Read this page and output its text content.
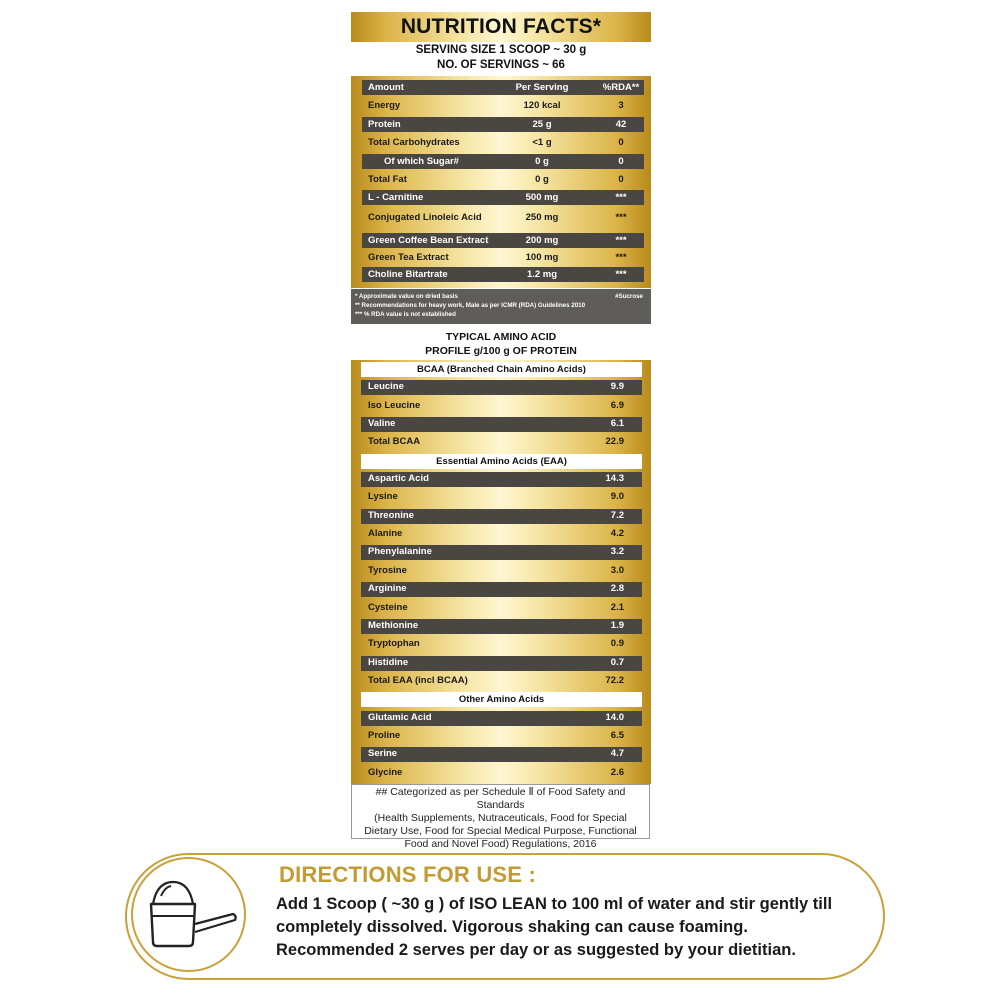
NUTRITION FACTS*
SERVING SIZE 1 SCOOP ~ 30 g
NO. OF SERVINGS ~ 66
Amount	Per Serving	%RDA**
Energy	120 kcal	3
Protein	25 g	42
Total Carbohydrates	<1 g	0
Of which Sugar#	0 g	0
Total Fat	0 g	0
L - Carnitine	500 mg	***
Conjugated Linoleic Acid	250 mg	***
Green Coffee Bean Extract	200 mg	***
Green Tea Extract	100 mg	***
Choline Bitartrate	1.2 mg	***
* Approximate value on dried basis	#Sucrose
** Recommendations for heavy work, Male as per ICMR (RDA) Guidelines 2010
*** % RDA value is not established
TYPICAL AMINO ACID
PROFILE g/100 g OF PROTEIN
BCAA (Branched Chain Amino Acids)
Leucine	9.9
Iso Leucine	6.9
Valine	6.1
Total BCAA	22.9
Essential Amino Acids (EAA)
Aspartic Acid	14.3
Lysine	9.0
Threonine	7.2
Alanine	4.2
Phenylalanine	3.2
Tyrosine	3.0
Arginine	2.8
Cysteine	2.1
Methionine	1.9
Tryptophan	0.9
Histidine	0.7
Total EAA (incl BCAA)	72.2
Other Amino Acids
Glutamic Acid	14.0
Proline	6.5
Serine	4.7
Glycine	2.6
## Categorized as per Schedule Ⅱ of Food Safety and Standards
(Health Supplements, Nutraceuticals, Food for Special
Dietary Use, Food for Special Medical Purpose, Functional
Food and Novel Food) Regulations, 2016
DIRECTIONS FOR USE :
Add 1 Scoop ( ~30 g ) of ISO LEAN to 100 ml of water and stir gently till
completely dissolved. Vigorous shaking can cause foaming.
Recommended 2 serves per day or as suggested by your dietitian.
